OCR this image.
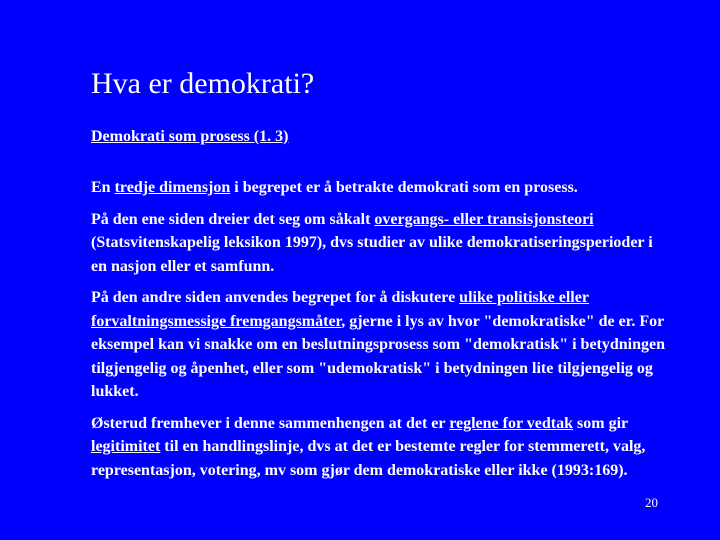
Hva er demokrati?
Demokrati som prosess (1. 3)

En tredje dimensjon i begrepet er å betrakte demokrati som en prosess.

På den ene siden dreier det seg om såkalt overgangs- eller transisjonsteori (Statsvitenskapelig leksikon 1997), dvs studier av ulike demokratiseringsperioder i en nasjon eller et samfunn.

På den andre siden anvendes begrepet for å diskutere ulike politiske eller forvaltningsmessige fremgangsmåter, gjerne i lys av hvor "demokratiske" de er. For eksempel kan vi snakke om en beslutningsprosess som "demokratisk" i betydningen tilgjengelig og åpenhet, eller som "udemokratisk" i betydningen lite tilgjengelig og lukket.

Østerud fremhever i denne sammenhengen at det er reglene for vedtak som gir legitimitet til en handlingslinje, dvs at det er bestemte regler for stemmerett, valg, representasjon, votering, mv som gjør dem demokratiske eller ikke (1993:169).

20
